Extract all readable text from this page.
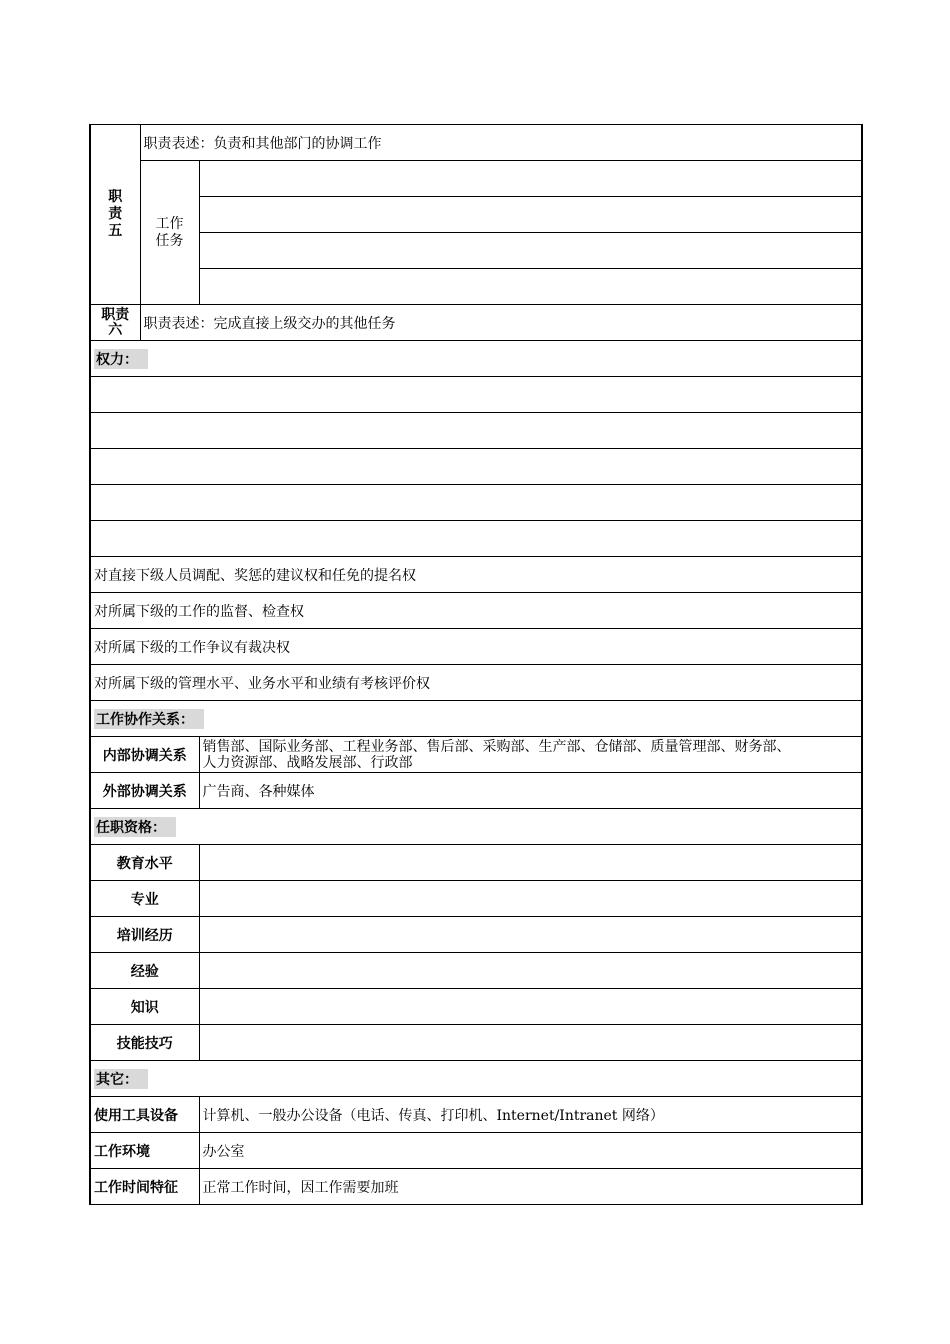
职
责
五	职责表述：负责和其他部门的协调工作	

	工作
任务	

职责
六	职责表述：完成直接上级交办的其他任务	
权力：		

对直接下级人员调配、奖惩的建议权和任免的提名权		
对所属下级的工作的监督、检查权		
对所属下级的工作争议有裁决权		
对所属下级的管理水平、业务水平和业绩有考核评价权		
工作协作关系：		
内部协调关系		销售部、国际业务部、工程业务部、售后部、采购部、生产部、仓储部、质量管理部、财务部、
人力资源部、战略发展部、行政部

外部协调关系		广告商、各种媒体
任职资格：		
教育水平		
专业		
培训经历		
经验		
知识		
技能技巧		
其它：		
使用工具设备		计算机、一般办公设备（电话、传真、打印机、Internet/Intranet 网络）
工作环境		办公室
工作时间特征		正常工作时间，因工作需要加班
